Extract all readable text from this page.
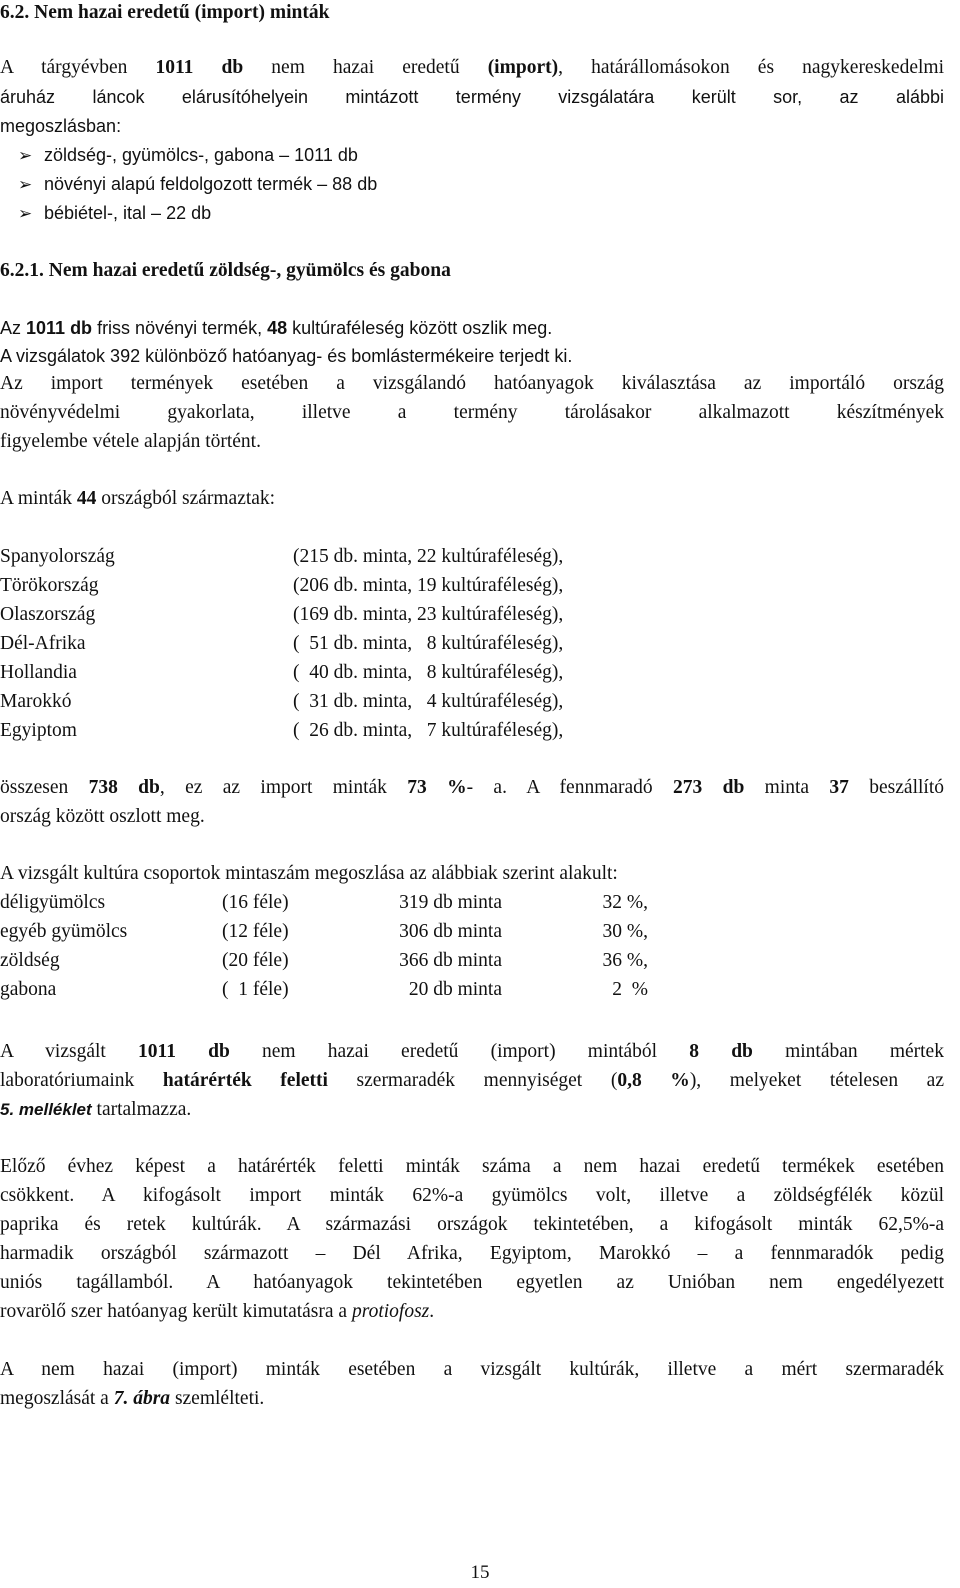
6.2. Nem hazai eredetű (import) minták
A tárgyévben 1011 db nem hazai eredetű (import), határállomásokon és nagykereskedelmi
áruház láncok elárusítóhelyein mintázott termény vizsgálatára került sor, az alábbi
megoszlásban:
➢ zöldség-, gyümölcs-, gabona – 1011 db
➢ növényi alapú feldolgozott termék – 88 db
➢ bébiétel-, ital – 22 db
6.2.1. Nem hazai eredetű zöldség-, gyümölcs és gabona
Az 1011 db friss növényi termék, 48 kultúraféleség között oszlik meg.
A vizsgálatok 392 különböző hatóanyag- és bomlástermékeire terjedt ki.
Az import termények esetében a vizsgálandó hatóanyagok kiválasztása az importáló ország
növényvédelmi gyakorlata, illetve a termény tárolásakor alkalmazott készítmények
figyelembe vétele alapján történt.
A minták 44 országból származtak:
Spanyolország	(215 db. minta, 22 kultúraféleség),
Törökország	(206 db. minta, 19 kultúraféleség),
Olaszország	(169 db. minta, 23 kultúraféleség),
Dél-Afrika	(  51 db. minta,   8 kultúraféleség),
Hollandia	(  40 db. minta,   8 kultúraféleség),
Marokkó	(  31 db. minta,   4 kultúraféleség),
Egyiptom	(  26 db. minta,   7 kultúraféleség),
összesen 738 db, ez az import minták 73 %- a. A fennmaradó 273 db minta 37 beszállító
ország között oszlott meg.
A vizsgált kultúra csoportok mintaszám megoszlása az alábbiak szerint alakult:
déligyümölcs	(16 féle)	319 db minta	32 %,
egyéb gyümölcs	(12 féle)	306 db minta	30 %,
zöldség	(20 féle)	366 db minta	36 %,
gabona	(  1 féle)	20 db minta	2  %
A vizsgált 1011 db nem hazai eredetű (import) mintából 8 db mintában mértek
laboratóriumaink határérték feletti szermaradék mennyiséget (0,8 %), melyeket tételesen az
5. melléklet tartalmazza.
Előző évhez képest a határérték feletti minták száma a nem hazai eredetű termékek esetében
csökkent. A kifogásolt import minták 62%-a gyümölcs volt, illetve a zöldségfélék közül
paprika és retek kultúrák. A származási országok tekintetében, a kifogásolt minták 62,5%-a
harmadik országból származott – Dél Afrika, Egyiptom, Marokkó – a fennmaradók pedig
uniós tagállamból. A hatóanyagok tekintetében egyetlen az Unióban nem engedélyezett
rovarölő szer hatóanyag került kimutatásra a protiofosz.
A nem hazai (import) minták esetében a vizsgált kultúrák, illetve a mért szermaradék
megoszlását a 7. ábra szemlélteti.
15
